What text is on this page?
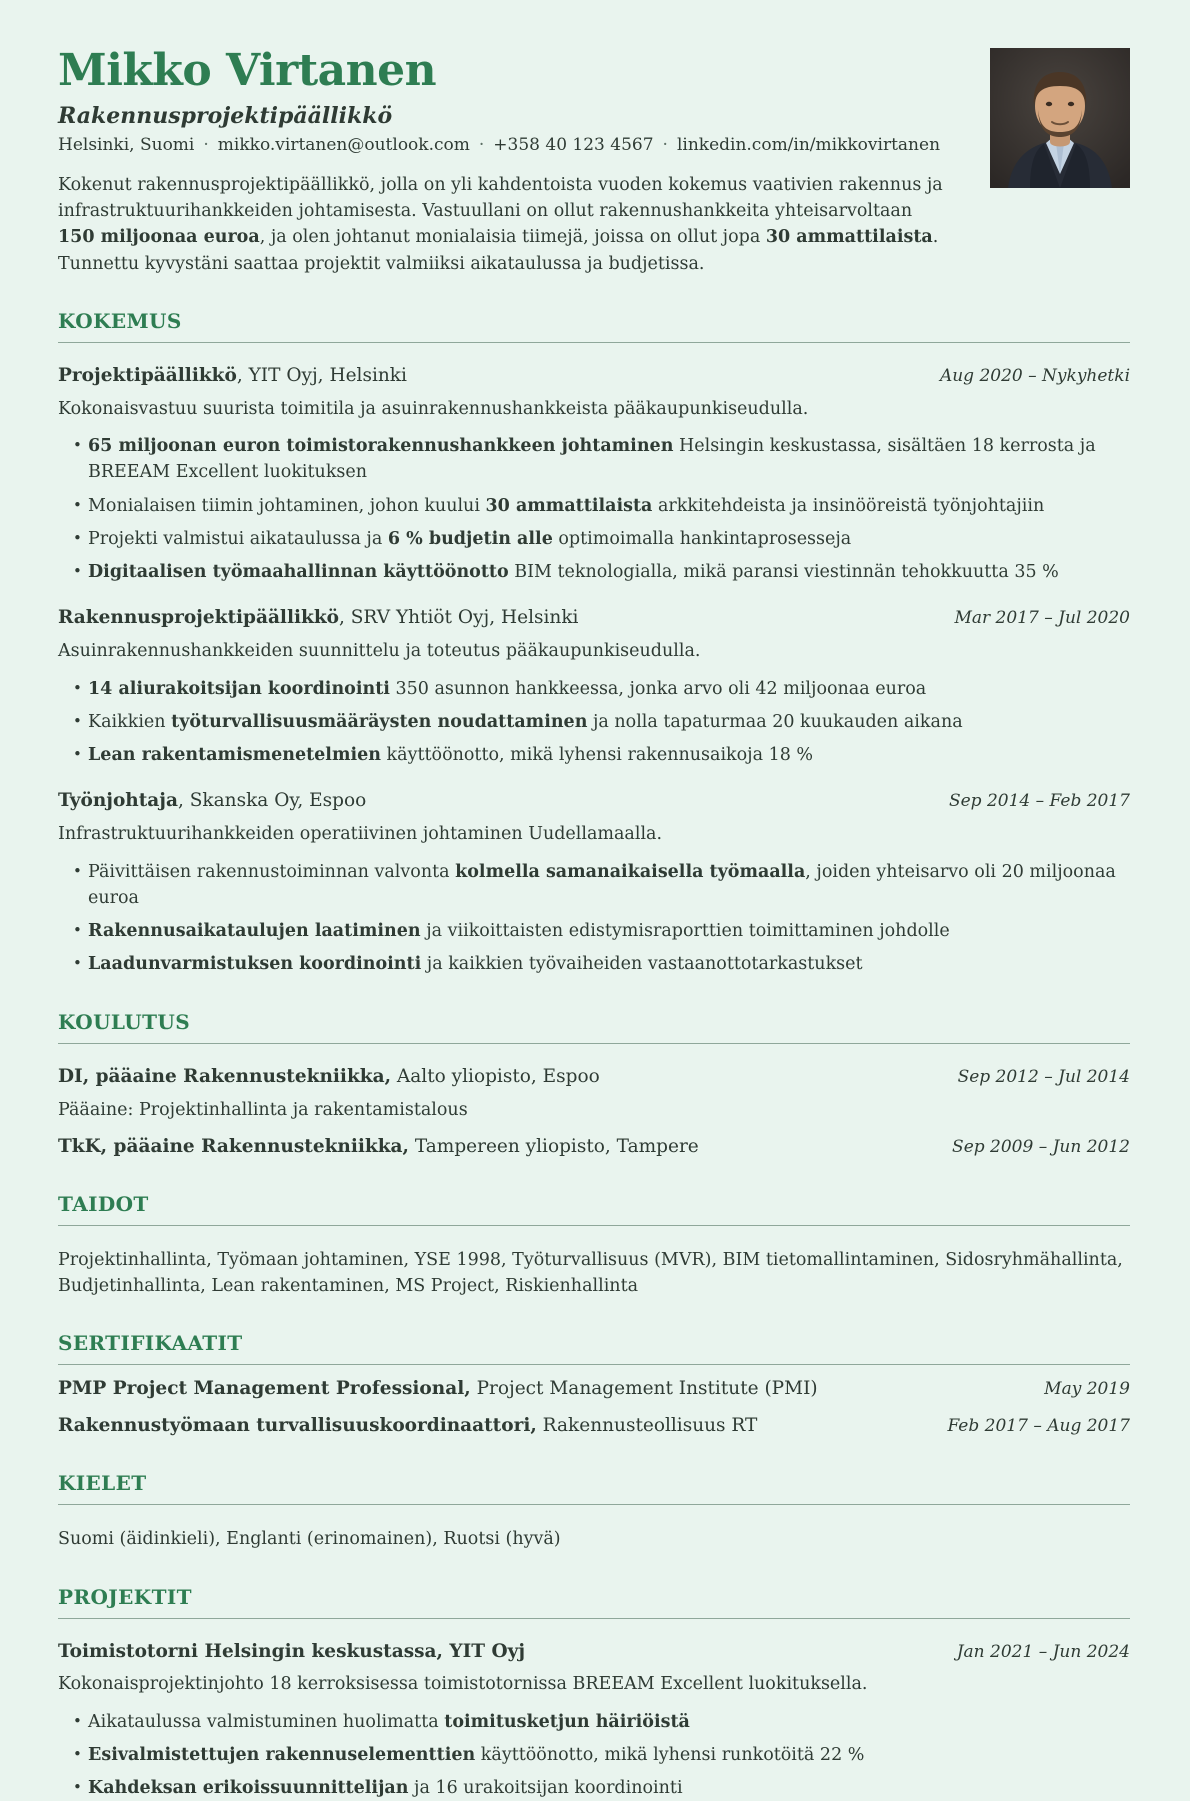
Mikko Virtanen
Rakennusprojektipäällikkö
Helsinki, Suomi · mikko.virtanen@outlook.com · +358 40 123 4567 · linkedin.com/in/mikkovirtanen

Kokenut rakennusprojektipäällikkö, jolla on yli kahdentoista vuoden kokemus vaativien rakennus ja infrastruktuurihankkeiden johtamisesta. Vastuullani on ollut rakennushankkeita yhteisarvoltaan 150 miljoonaa euroa, ja olen johtanut monialaisia tiimejä, joissa on ollut jopa 30 ammattilaista. Tunnettu kyvystäni saattaa projektit valmiiksi aikataulussa ja budjetissa.

KOKEMUS
Projektipäällikkö, YIT Oyj, Helsinki	Aug 2020 – Nykyhetki

Kokonaisvastuu suurista toimitila ja asuinrakennushankkeista pääkaupunkiseudulla.

• 65 miljoonan euron toimistorakennushankkeen johtaminen Helsingin keskustassa, sisältäen 18 kerrosta ja BREEAM Excellent luokituksen
• Monialaisen tiimin johtaminen, johon kuului 30 ammattilaista arkkitehdeista ja insinööreistä työnjohtajiin
• Projekti valmistui aikataulussa ja 6 % budjetin alle optimoimalla hankintaprosesseja
• Digitaalisen työmaahallinnan käyttöönotto BIM teknologialla, mikä paransi viestinnän tehokkuutta 35 %
Rakennusprojektipäällikkö, SRV Yhtiöt Oyj, Helsinki	Mar 2017 – Jul 2020

Asuinrakennushankkeiden suunnittelu ja toteutus pääkaupunkiseudulla.

• 14 aliurakoitsijan koordinointi 350 asunnon hankkeessa, jonka arvo oli 42 miljoonaa euroa
• Kaikkien työturvallisuusmääräysten noudattaminen ja nolla tapaturmaa 20 kuukauden aikana
• Lean rakentamismenetelmien käyttöönotto, mikä lyhensi rakennusaikoja 18 %
Työnjohtaja, Skanska Oy, Espoo	Sep 2014 – Feb 2017

Infrastruktuurihankkeiden operatiivinen johtaminen Uudellamaalla.

• Päivittäisen rakennustoiminnan valvonta kolmella samanaikaisella työmaalla, joiden yhteisarvo oli 20 miljoonaa euroa
• Rakennusaikataulujen laatiminen ja viikoittaisten edistymisraporttien toimittaminen johdolle
• Laadunvarmistuksen koordinointi ja kaikkien työvaiheiden vastaanottotarkastukset
KOULUTUS
DI, pääaine Rakennustekniikka, Aalto yliopisto, Espoo	Sep 2012 – Jul 2014

Pääaine: Projektinhallinta ja rakentamistalous

TkK, pääaine Rakennustekniikka, Tampereen yliopisto, Tampere	Sep 2009 – Jun 2012
TAIDOT

Projektinhallinta, Työmaan johtaminen, YSE 1998, Työturvallisuus (MVR), BIM tietomallintaminen, Sidosryhmähallinta, Budjetinhallinta, Lean rakentaminen, MS Project, Riskienhallinta

SERTIFIKAATIT
PMP Project Management Professional, Project Management Institute (PMI)	May 2019
Rakennustyömaan turvallisuuskoordinaattori, Rakennusteollisuus RT	Feb 2017 – Aug 2017
KIELET

Suomi (äidinkieli), Englanti (erinomainen), Ruotsi (hyvä)

PROJEKTIT
Toimistotorni Helsingin keskustassa, YIT Oyj	Jan 2021 – Jun 2024

Kokonaisprojektinjohto 18 kerroksisessa toimistotornissa BREEAM Excellent luokituksella.

• Aikataulussa valmistuminen huolimatta toimitusketjun häiriöistä
• Esivalmistettujen rakennuselementtien käyttöönotto, mikä lyhensi runkotöitä 22 %
• Kahdeksan erikoissuunnittelijan ja 16 urakoitsijan koordinointi
